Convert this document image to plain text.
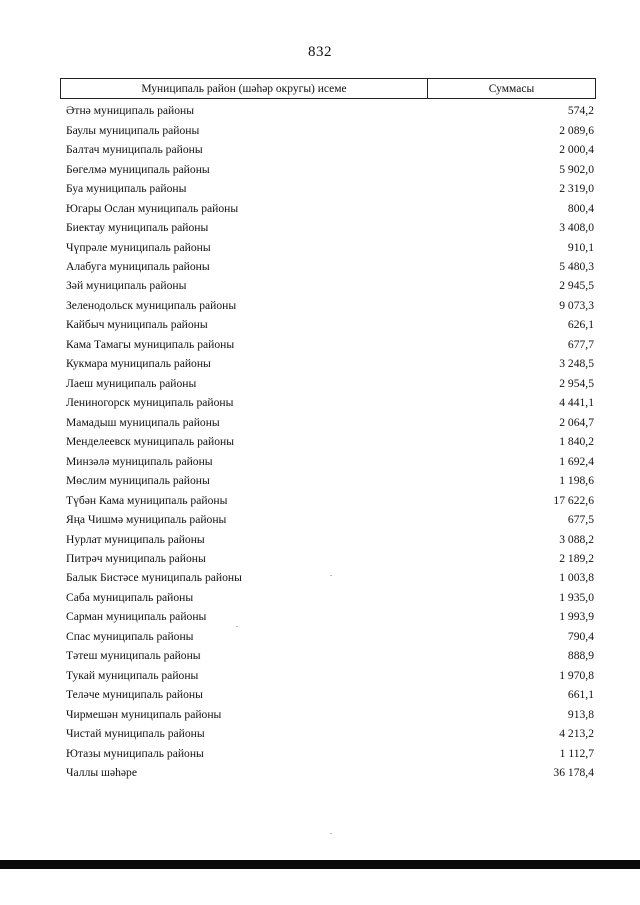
832
Муниципаль район (шәһәр округы) исеме	Суммасы
Әтнә муниципаль районы	574,2
Баулы муниципаль районы	2 089,6
Балтач муниципаль районы	2 000,4
Бөгелмә муниципаль районы	5 902,0
Буа муниципаль районы	2 319,0
Югары Ослан муниципаль районы	800,4
Биектау муниципаль районы	3 408,0
Чүпрәле муниципаль районы	910,1
Алабуга муниципаль районы	5 480,3
Зәй муниципаль районы	2 945,5
Зеленодольск муниципаль районы	9 073,3
Кайбыч муниципаль районы	626,1
Кама Тамагы муниципаль районы	677,7
Кукмара муниципаль районы	3 248,5
Лаеш муниципаль районы	2 954,5
Лениногорск муниципаль районы	4 441,1
Мамадыш муниципаль районы	2 064,7
Менделеевск муниципаль районы	1 840,2
Минзәлә муниципаль районы	1 692,4
Мөслим муниципаль районы	1 198,6
Түбән Кама муниципаль районы	17 622,6
Яңа Чишмә муниципаль районы	677,5
Нурлат муниципаль районы	3 088,2
Питрәч муниципаль районы	2 189,2
Балык Бистәсе муниципаль районы	1 003,8
Саба муниципаль районы	1 935,0
Сарман муниципаль районы	1 993,9
Спас муниципаль районы	790,4
Тәтеш муниципаль районы	888,9
Тукай муниципаль районы	1 970,8
Теләче муниципаль районы	661,1
Чирмешән муниципаль районы	913,8
Чистай муниципаль районы	4 213,2
Ютазы муниципаль районы	1 112,7
Чаллы шәһәре	36 178,4
